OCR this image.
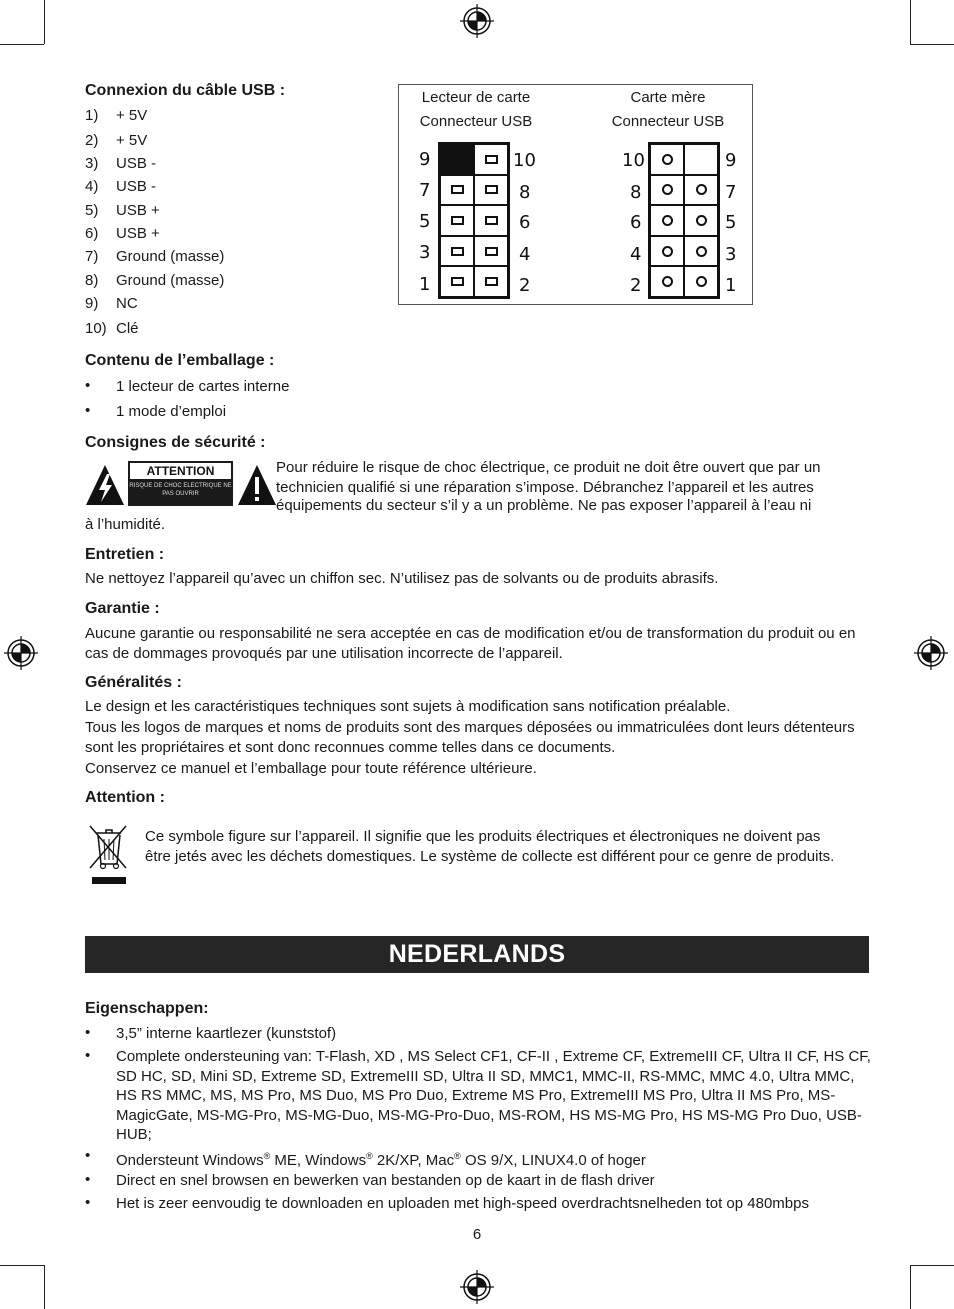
Connexion du câble USB :
1) + 5V
2) + 5V
3) USB -
4) USB -
5) USB +
6) USB +
7) Ground (masse)
8) Ground (masse)
9) NC
10) Clé
Lecteur de carte
Connecteur USB
Carte mère
Connecteur USB
9
7
5
3
1
10
8
6
4
2
10
8
6
4
2
9
7
5
3
1
Contenu de l’emballage :
• 1 lecteur de cartes interne
• 1 mode d’emploi
Consignes de sécurité :
ATTENTION
RISQUE DE CHOC ELECTRIQUE NE PAS OUVRIR
Pour réduire le risque de choc électrique, ce produit ne doit être ouvert que par un
technicien qualifié si une réparation s’impose. Débranchez l’appareil et les autres
équipements du secteur s’il y a un problème. Ne pas exposer l’appareil à l’eau ni
à l’humidité.
Entretien :
Ne nettoyez l’appareil qu’avec un chiffon sec. N’utilisez pas de solvants ou de produits abrasifs.
Garantie :
Aucune garantie ou responsabilité ne sera acceptée en cas de modification et/ou de transformation du produit ou en cas de dommages provoqués par une utilisation incorrecte de l’appareil.
Généralités :
Le design et les caractéristiques techniques sont sujets à modification sans notification préalable.
Tous les logos de marques et noms de produits sont des marques déposées ou immatriculées dont leurs détenteurs sont les propriétaires et sont donc reconnues comme telles dans ce documents.
Conservez ce manuel et l’emballage pour toute référence ultérieure.
Attention :
Ce symbole figure sur l’appareil. Il signifie que les produits électriques et électroniques ne doivent pas être jetés avec les déchets domestiques. Le système de collecte est différent pour ce genre de produits.
NEDERLANDS
Eigenschappen:
• 3,5” interne kaartlezer (kunststof)
• Complete ondersteuning van: T-Flash, XD , MS Select CF1, CF-II , Extreme CF, ExtremeIII CF, Ultra II CF, HS CF, SD HC, SD, Mini SD, Extreme SD, ExtremeIII SD, Ultra II SD, MMC1, MMC-II, RS-MMC, MMC 4.0, Ultra MMC, HS RS MMC, MS, MS Pro, MS Duo, MS Pro Duo, Extreme MS Pro, ExtremeIII MS Pro, Ultra II MS Pro, MS-MagicGate, MS-MG-Pro, MS-MG-Duo, MS-MG-Pro-Duo, MS-ROM, HS MS-MG Pro, HS MS-MG Pro Duo, USB-HUB;
• Ondersteunt Windows® ME, Windows® 2K/XP, Mac® OS 9/X, LINUX4.0 of hoger
• Direct en snel browsen en bewerken van bestanden op de kaart in de flash driver
• Het is zeer eenvoudig te downloaden en uploaden met high-speed overdrachtsnelheden tot op 480mbps
6
